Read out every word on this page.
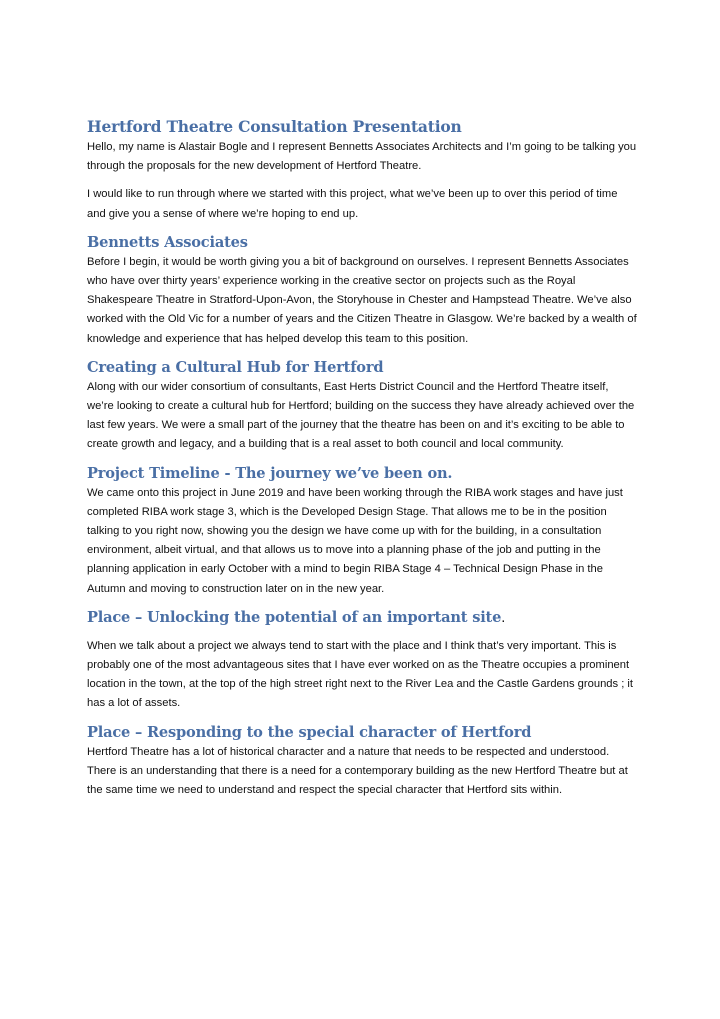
Hertford Theatre Consultation Presentation

Hello, my name is Alastair Bogle and I represent Bennetts Associates Architects and I’m going to be talking you through the proposals for the new development of Hertford Theatre.

I would like to run through where we started with this project, what we’ve been up to over this period of time and give you a sense of where we’re hoping to end up.

Bennetts Associates

Before I begin, it would be worth giving you a bit of background on ourselves. I represent Bennetts Associates who have over thirty years’ experience working in the creative sector on projects such as the Royal Shakespeare Theatre in Stratford-Upon-Avon, the Storyhouse in Chester and Hampstead Theatre. We’ve also worked with the Old Vic for a number of years and the Citizen Theatre in Glasgow. We’re backed by a wealth of knowledge and experience that has helped develop this team to this position.

Creating a Cultural Hub for Hertford

Along with our wider consortium of consultants, East Herts District Council and the Hertford Theatre itself, we’re looking to create a cultural hub for Hertford; building on the success they have already achieved over the last few years. We were a small part of the journey that the theatre has been on and it’s exciting to be able to create growth and legacy, and a building that is a real asset to both council and local community.

Project Timeline - The journey we’ve been on.

We came onto this project in June 2019 and have been working through the RIBA work stages and have just completed RIBA work stage 3, which is the Developed Design Stage. That allows me to be in the position talking to you right now, showing you the design we have come up with for the building, in a consultation environment, albeit virtual, and that allows us to move into a planning phase of the job and putting in the planning application in early October with a mind to begin RIBA Stage 4 – Technical Design Phase in the Autumn and moving to construction later on in the new year.

Place – Unlocking the potential of an important site.

When we talk about a project we always tend to start with the place and I think that’s very important. This is probably one of the most advantageous sites that I have ever worked on as the Theatre occupies a prominent location in the town, at the top of the high street right next to the River Lea and the Castle Gardens grounds ; it has a lot of assets.

Place – Responding to the special character of Hertford

Hertford Theatre has a lot of historical character and a nature that needs to be respected and understood. There is an understanding that there is a need for a contemporary building as the new Hertford Theatre but at the same time we need to understand and respect the special character that Hertford sits within.
